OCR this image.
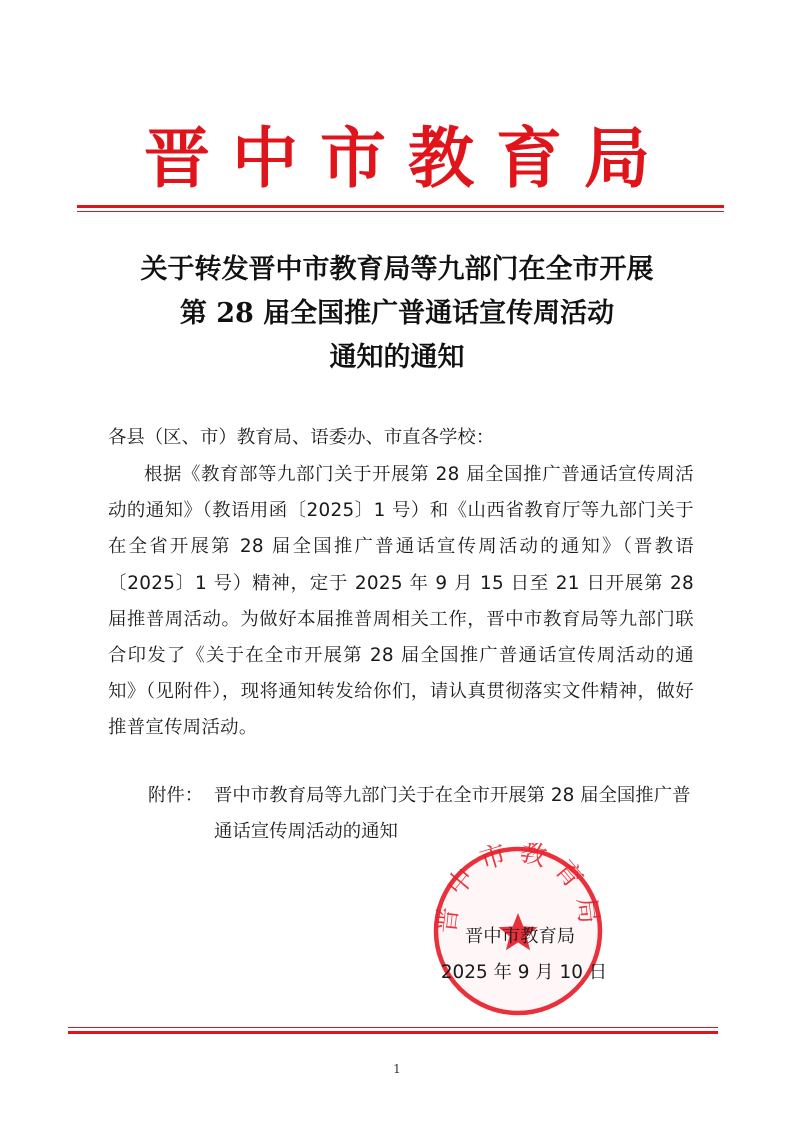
晋中市教育局
关于转发晋中市教育局等九部门在全市开展
第 28 届全国推广普通话宣传周活动
通知的通知
各县（区、市）教育局、语委办、市直各学校：
根据《教育部等九部门关于开展第 28 届全国推广普通话宣传周活动的通知》（教语用函〔2025〕1 号）和《山西省教育厅等九部门关于在全省开展第 28 届全国推广普通话宣传周活动的通知》（晋教语〔2025〕1 号）精神，定于 2025 年 9 月 15 日至 21 日开展第 28 届推普周活动。为做好本届推普周相关工作，晋中市教育局等九部门联合印发了《关于在全市开展第 28 届全国推广普通话宣传周活动的通知》（见附件），现将通知转发给你们，请认真贯彻落实文件精神，做好推普宣传周活动。
附件： 晋中市教育局等九部门关于在全市开展第 28 届全国推广普通话宣传周活动的通知
晋中市教育局
晋中市教育局
2025 年 9 月 10 日
1
